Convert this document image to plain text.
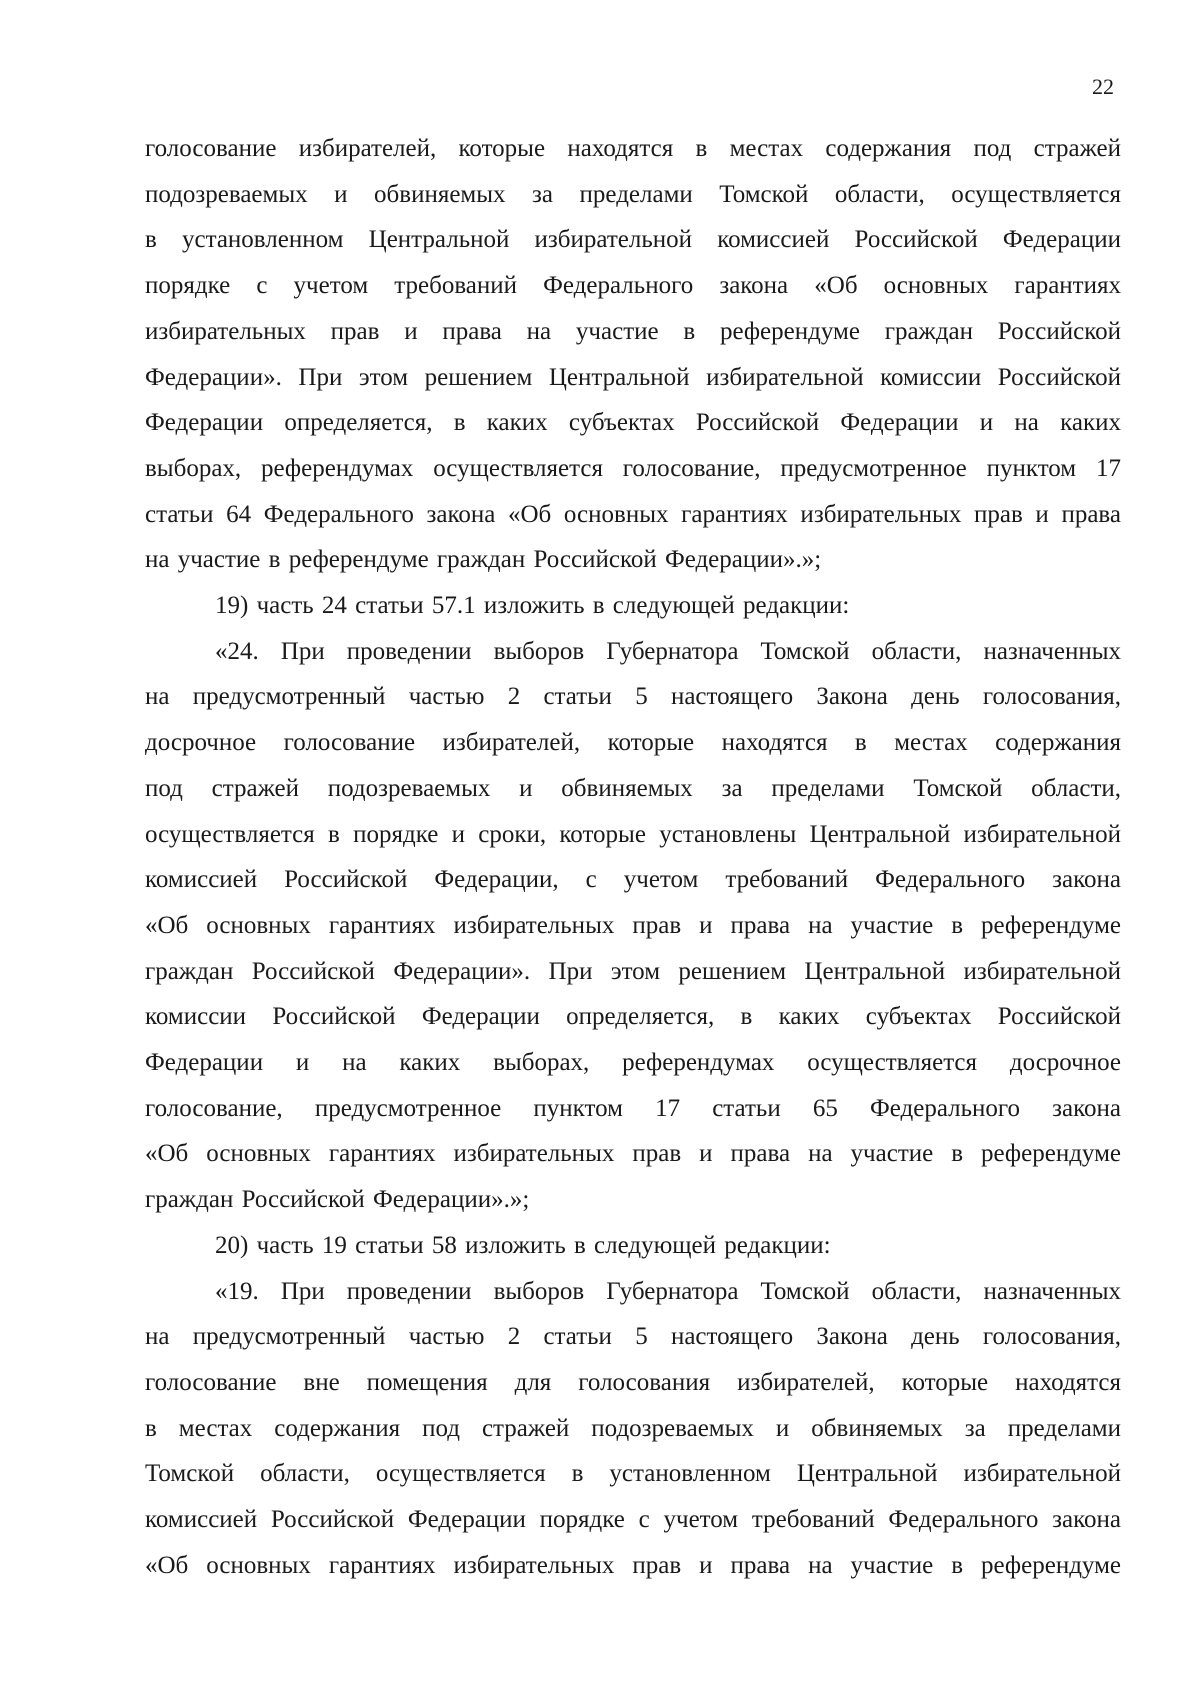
22

голосование избирателей, которые находятся в местах содержания под стражей

подозреваемых и обвиняемых за пределами Томской области, осуществляется

в установленном Центральной избирательной комиссией Российской Федерации

порядке с учетом требований Федерального закона «Об основных гарантиях

избирательных прав и права на участие в референдуме граждан Российской

Федерации». При этом решением Центральной избирательной комиссии Российской

Федерации определяется, в каких субъектах Российской Федерации и на каких

выборах, референдумах осуществляется голосование, предусмотренное пунктом 17

статьи 64 Федерального закона «Об основных гарантиях избирательных прав и права

на участие в референдуме граждан Российской Федерации».»;

19) часть 24 статьи 57.1 изложить в следующей редакции:

«24. При проведении выборов Губернатора Томской области, назначенных

на предусмотренный частью 2 статьи 5 настоящего Закона день голосования,

досрочное голосование избирателей, которые находятся в местах содержания

под стражей подозреваемых и обвиняемых за пределами Томской области,

осуществляется в порядке и сроки, которые установлены Центральной избирательной

комиссией Российской Федерации, с учетом требований Федерального закона

«Об основных гарантиях избирательных прав и права на участие в референдуме

граждан Российской Федерации». При этом решением Центральной избирательной

комиссии Российской Федерации определяется, в каких субъектах Российской

Федерации и на каких выборах, референдумах осуществляется досрочное

голосование, предусмотренное пунктом 17 статьи 65 Федерального закона

«Об основных гарантиях избирательных прав и права на участие в референдуме

граждан Российской Федерации».»;

20) часть 19 статьи 58 изложить в следующей редакции:

«19. При проведении выборов Губернатора Томской области, назначенных

на предусмотренный частью 2 статьи 5 настоящего Закона день голосования,

голосование вне помещения для голосования избирателей, которые находятся

в местах содержания под стражей подозреваемых и обвиняемых за пределами

Томской области, осуществляется в установленном Центральной избирательной

комиссией Российской Федерации порядке с учетом требований Федерального закона

«Об основных гарантиях избирательных прав и права на участие в референдуме
